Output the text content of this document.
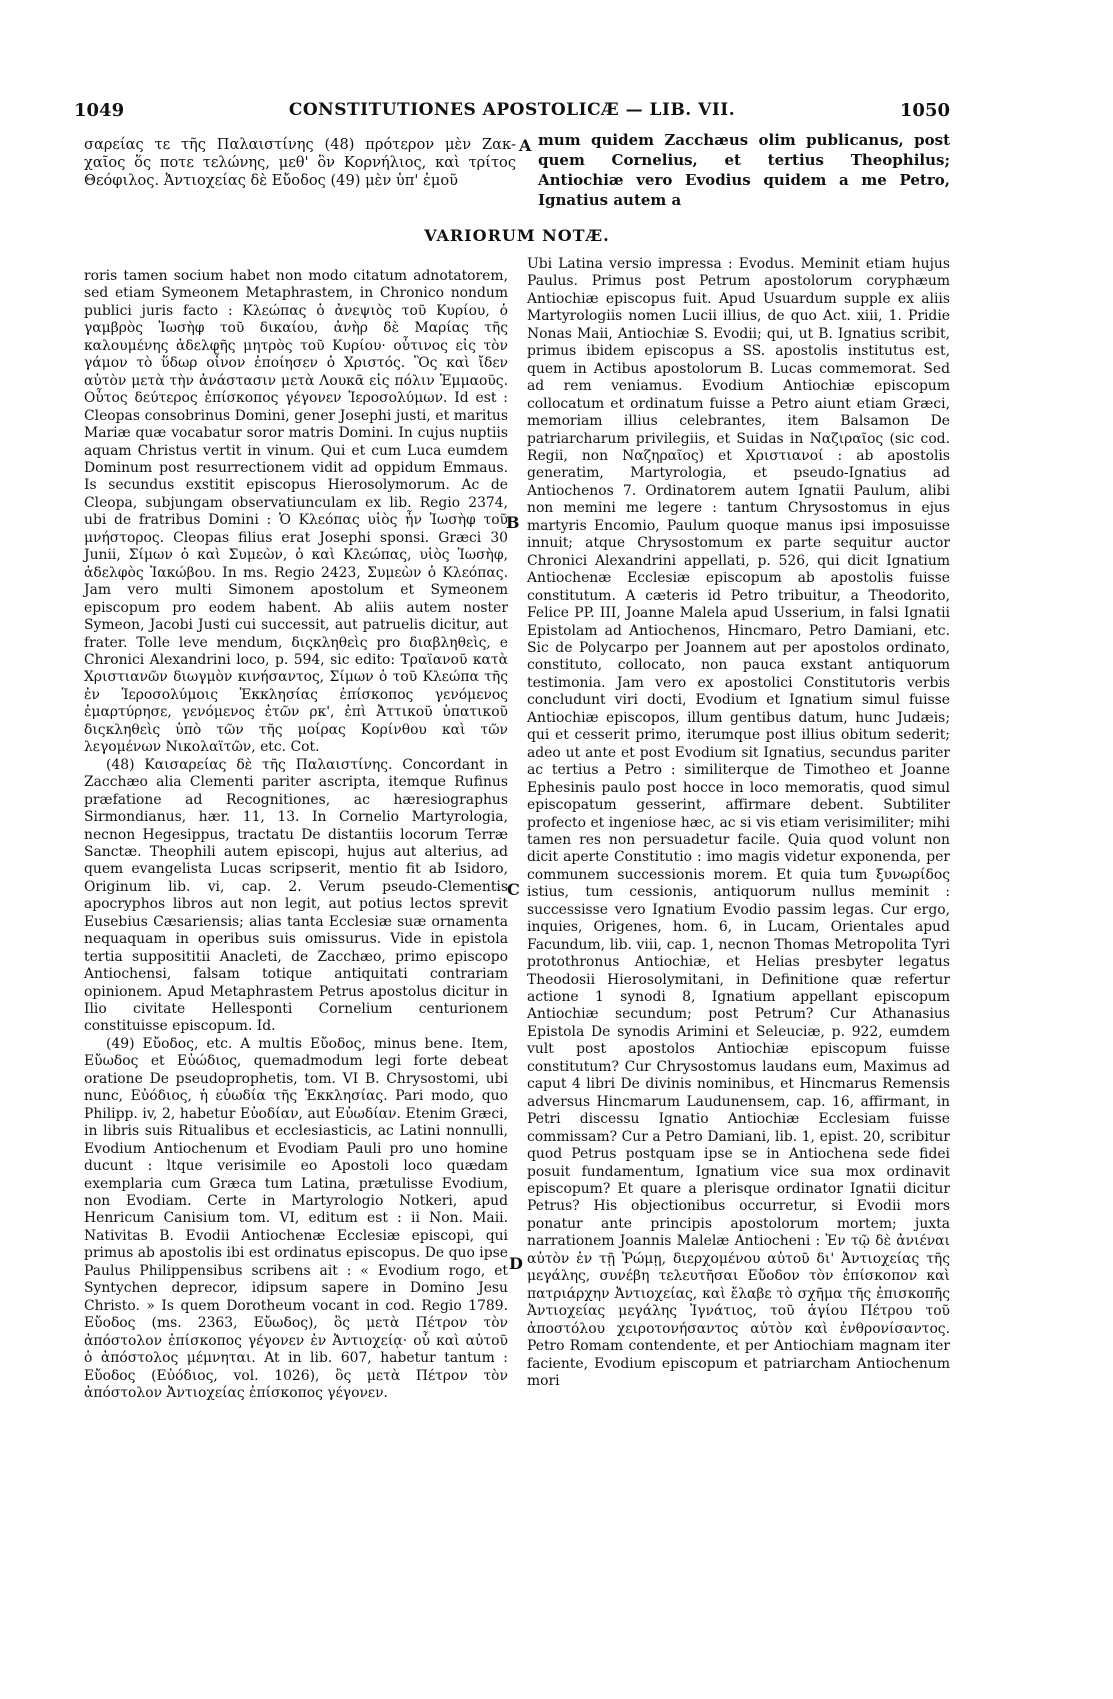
1049	CONSTITUTIONES APOSTOLICÆ — LIB. VII.	1050

σαρείας τε τῆς Παλαιστίνης (48) πρότερον μὲν Ζακ- χαῖος ὅς ποτε τελώνης, μεθ' ὃν Κορνήλιος, καὶ τρίτος Θεόφιλος. Ἀντιοχείας δὲ Εὔοδος (49) μὲν ὑπ' ἐμοῦ

A mum quidem Zacchæus olim publicanus, post quem Cornelius, et tertius Theophilus; Antiochiæ vero Evodius quidem a me Petro, Ignatius autem a

VARIORUM NOTÆ.

roris tamen socium habet non modo citatum adnotatorem, sed etiam Symeonem Metaphrastem, in Chronico nondum publici juris facto : Κλεώπας ὁ ἀνεψιὸς τοῦ Κυρίου, ὁ γαμβρὸς Ἰωσὴφ τοῦ δικαίου, ἀνὴρ δὲ Μαρίας τῆς καλουμένης ἀδελφῆς μητρὸς τοῦ Κυρίου· οὗτινος εἰς τὸν γάμον τὸ ὕδωρ οἶνον ἐποίησεν ὁ Χριστός. Ὃς καὶ ἴδεν αὐτὸν μετὰ τὴν ἀνάστασιν μετὰ Λουκᾶ εἰς πόλιν Ἐμμαοῦς. Οὗτος δεύτερος ἐπίσκοπος γέγονεν Ἱεροσολύμων. Id est : Cleopas consobrinus Domini, gener Josephi justi, et maritus Mariæ quæ vocabatur soror matris Domini. In cujus nuptiis aquam Christus vertit in vinum. Qui et cum Luca eumdem Dominum post resurrectionem vidit ad oppidum Emmaus. Is secundus exstitit episcopus Hierosolymorum. Ac de Cleopa, subjungam observatiunculam ex lib. Regio 2374, ubi de fratribus Domini : Ὁ Κλεόπας υἱὸς ἦν Ἰωσὴφ τοῦ μνήστορος. Cleopas filius erat Josephi sponsi. Græci 30 Junii, Σίμων ὁ καὶ Συμεὼν, ὁ καὶ Κλεώπας, υἱὸς Ἰωσὴφ, ἀδελφὸς Ἰακώβου. In ms. Regio 2423, Συμεὼν ὁ Κλεόπας. Jam vero multi Simonem apostolum et Symeonem episcopum pro eodem habent. Ab aliis autem noster Symeon, Jacobi Justi cui successit, aut patruelis dicitur, aut frater. Tolle leve mendum, διςκληθεὶς pro διαβληθεὶς, e Chronici Alexandrini loco, p. 594, sic edito: Τραϊανοῦ κατὰ Χριστιανῶν διωγμὸν κινήσαντος, Σίμων ὁ τοῦ Κλεώπα τῆς ἐν Ἱεροσολύμοις Ἐκκλησίας ἐπίσκοπος γενόμενος ἐμαρτύρησε, γενόμενος ἐτῶν ρκ', ἐπὶ Ἀττικοῦ ὑπατικοῦ διςκληθεὶς ὑπὸ τῶν τῆς μοίρας Κορίνθου καὶ τῶν λεγομένων Νικολαϊτῶν, etc. Cot.

(48) Καισαρείας δὲ τῆς Παλαιστίνης. Concordant in Zacchæo alia Clementi pariter ascripta, itemque Rufinus præfatione ad Recognitiones, ac hæresiographus Sirmondianus, hær. 11, 13. In Cornelio Martyrologia, necnon Hegesippus, tractatu De distantiis locorum Terræ Sanctæ. Theophili autem episcopi, hujus aut alterius, ad quem evangelista Lucas scripserit, mentio fit ab Isidoro, Originum lib. vi, cap. 2. Verum pseudo-Clementis apocryphos libros aut non legit, aut potius lectos sprevit Eusebius Cæsariensis; alias tanta Ecclesiæ suæ ornamenta nequaquam in operibus suis omissurus. Vide in epistola tertia supposititii Anacleti, de Zacchæo, primo episcopo Antiochensi, falsam totique antiquitati contrariam opinionem. Apud Metaphrastem Petrus apostolus dicitur in Ilio civitate Hellesponti Cornelium centurionem constituisse episcopum. Id.

(49) Εὔοδος, etc. A multis Εὔοδος, minus bene. Item, Εὔωδος et Εὐώδιος, quemadmodum legi forte debeat oratione De pseudoprophetis, tom. VI B. Chrysostomi, ubi nunc, Εὐόδιος, ἡ εὐωδία τῆς Ἐκκλησίας. Pari modo, quo Philipp. iv, 2, habetur Εὐοδίαν, aut Εὐωδίαν. Etenim Græci, in libris suis Ritualibus et ecclesiasticis, ac Latini nonnulli, Evodium Antiochenum et Evodiam Pauli pro uno homine ducunt : ltque verisimile eo Apostoli loco quædam exemplaria cum Græca tum Latina, prætulisse Evodium, non Evodiam. Certe in Martyrologio Notkeri, apud Henricum Canisium tom. VI, editum est : ii Non. Maii. Nativitas B. Evodii Antiochenæ Ecclesiæ episcopi, qui primus ab apostolis ibi est ordinatus episcopus. De quo ipse Paulus Philippensibus scribens ait : « Evodium rogo, et Syntychen deprecor, idipsum sapere in Domino Jesu Christo. » Is quem Dorotheum vocant in cod. Regio 1789. Εὔοδος (ms. 2363, Εὔωδος), ὃς μετὰ Πέτρον τὸν ἀπόστολον ἐπίσκοπος γέγονεν ἐν Ἀντιοχείᾳ· οὗ καὶ αὐτοῦ ὁ ἀπόστολος μέμνηται. At in lib. 607, habetur tantum : Εὔοδος (Εὐόδιος, vol. 1026), ὃς μετὰ Πέτρον τὸν ἀπόστολον Ἀντιοχείας ἐπίσκοπος γέγονεν.

B
C
D

Ubi Latina versio impressa : Evodus. Meminit etiam hujus Paulus. Primus post Petrum apostolorum coryphæum Antiochiæ episcopus fuit. Apud Usuardum supple ex aliis Martyrologiis nomen Lucii illius, de quo Act. xiii, 1. Pridie Nonas Maii, Antiochiæ S. Evodii; qui, ut B. Ignatius scribit, primus ibidem episcopus a SS. apostolis institutus est, quem in Actibus apostolorum B. Lucas commemorat. Sed ad rem veniamus. Evodium Antiochiæ episcopum collocatum et ordinatum fuisse a Petro aiunt etiam Græci, memoriam illius celebrantes, item Balsamon De patriarcharum privilegiis, et Suidas in Ναζιραῖος (sic cod. Regii, non Ναζηραῖος) et Χριστιανοί : ab apostolis generatim, Martyrologia, et pseudo-Ignatius ad Antiochenos 7. Ordinatorem autem Ignatii Paulum, alibi non memini me legere : tantum Chrysostomus in ejus martyris Encomio, Paulum quoque manus ipsi imposuisse innuit; atque Chrysostomum ex parte sequitur auctor Chronici Alexandrini appellati, p. 526, qui dicit Ignatium Antiochenæ Ecclesiæ episcopum ab apostolis fuisse constitutum. A cæteris id Petro tribuitur, a Theodorito, Felice PP. III, Joanne Malela apud Usserium, in falsi Ignatii Epistolam ad Antiochenos, Hincmaro, Petro Damiani, etc. Sic de Polycarpo per Joannem aut per apostolos ordinato, constituto, collocato, non pauca exstant antiquorum testimonia. Jam vero ex apostolici Constitutoris verbis concludunt viri docti, Evodium et Ignatium simul fuisse Antiochiæ episcopos, illum gentibus datum, hunc Judæis; qui et cesserit primo, iterumque post illius obitum sederit; adeo ut ante et post Evodium sit Ignatius, secundus pariter ac tertius a Petro : similiterque de Timotheo et Joanne Ephesinis paulo post hocce in loco memoratis, quod simul episcopatum gesserint, affirmare debent. Subtiliter profecto et ingeniose hæc, ac si vis etiam verisimiliter; mihi tamen res non persuadetur facile. Quia quod volunt non dicit aperte Constitutio : imo magis videtur exponenda, per communem successionis morem. Et quia tum ξυνωρίδος istius, tum cessionis, antiquorum nullus meminit : successisse vero Ignatium Evodio passim legas. Cur ergo, inquies, Origenes, hom. 6, in Lucam, Orientales apud Facundum, lib. viii, cap. 1, necnon Thomas Metropolita Tyri protothronus Antiochiæ, et Helias presbyter legatus Theodosii Hierosolymitani, in Definitione quæ refertur actione 1 synodi 8, Ignatium appellant episcopum Antiochiæ secundum; post Petrum? Cur Athanasius Epistola De synodis Arimini et Seleuciæ, p. 922, eumdem vult post apostolos Antiochiæ episcopum fuisse constitutum? Cur Chrysostomus laudans eum, Maximus ad caput 4 libri De divinis nominibus, et Hincmarus Remensis adversus Hincmarum Laudunensem, cap. 16, affirmant, in Petri discessu Ignatio Antiochiæ Ecclesiam fuisse commissam? Cur a Petro Damiani, lib. 1, epist. 20, scribitur quod Petrus postquam ipse se in Antiochena sede fidei posuit fundamentum, Ignatium vice sua mox ordinavit episcopum? Et quare a plerisque ordinator Ignatii dicitur Petrus? His objectionibus occurretur, si Evodii mors ponatur ante principis apostolorum mortem; juxta narrationem Joannis Malelæ Antiocheni : Ἐν τῷ δὲ ἀνιέναι αὐτὸν ἐν τῇ Ῥώμῃ, διερχομένου αὐτοῦ δι' Ἀντιοχείας τῆς μεγάλης, συνέβη τελευτῆσαι Εὔοδον τὸν ἐπίσκοπον καὶ πατριάρχην Ἀντιοχείας, καὶ ἔλαβε τὸ σχῆμα τῆς ἐπισκοπῆς Ἀντιοχείας μεγάλης Ἰγνάτιος, τοῦ ἁγίου Πέτρου τοῦ ἀποστόλου χειροτονήσαντος αὐτὸν καὶ ἐνθρονίσαντος. Petro Romam contendente, et per Antiochiam magnam iter faciente, Evodium episcopum et patriarcham Antiochenum mori
